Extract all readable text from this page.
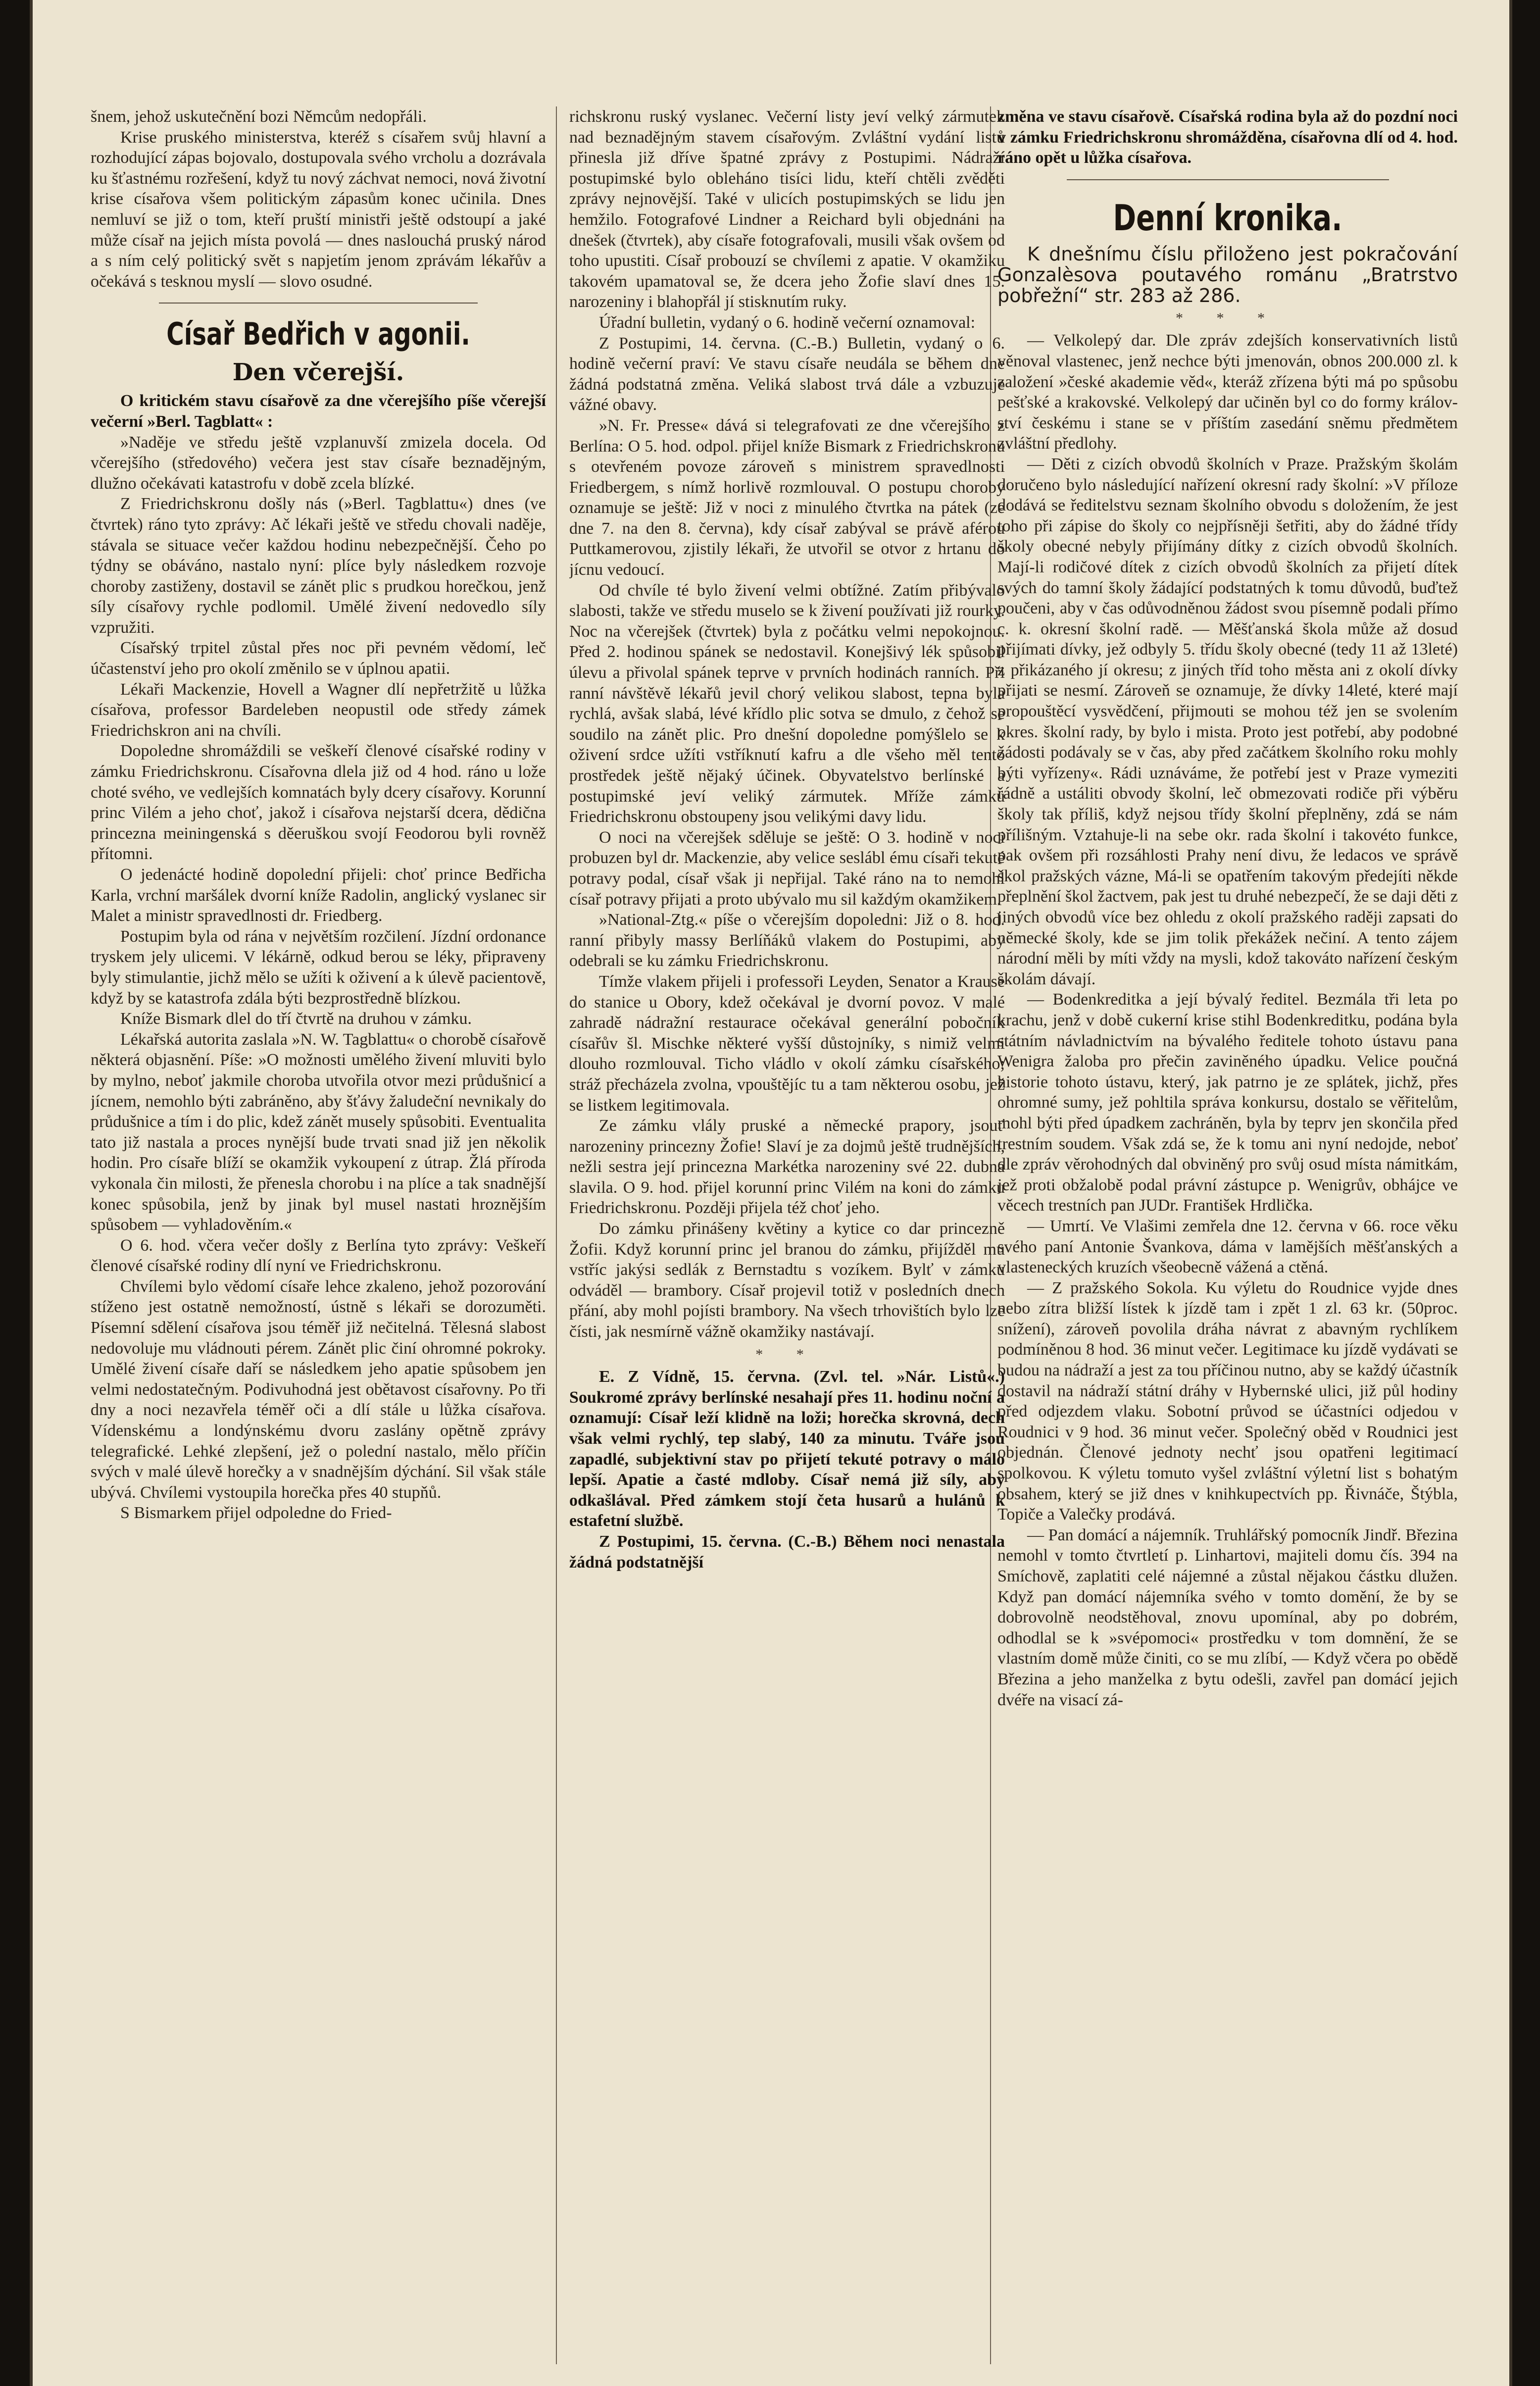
šnem, jehož uskutečnění bozi Němcům nedopřáli.

Krise pruského ministerstva, kteréž s císařem svůj hlavní a rozhodující zápas bojovalo, dostupovala svého vrcholu a dozrávala ku šťastnému rozřešení, když tu nový záchvat nemoci, nová životní krise císařova všem politickým zápasům konec učinila. Dnes nemluví se již o tom, kteří pruští ministři ještě odstoupí a jaké může císař na jejich místa povolá — dnes naslouchá pruský národ a s ním celý politický svět s napjetím jenom zprávám lékařův a očekává s tesknou myslí — slovo osudné.

Císař Bedřich v agonii.
Den včerejší.

O kritickém stavu císařově za dne včerejšího píše včerejší večerní »Berl. Tagblatt« :

»Naděje ve středu ještě vzplanuvší zmizela docela. Od včerejšího (středového) večera jest stav císaře beznadějným, dlužno očekávati katastrofu v době zcela blízké.

Z Friedrichskronu došly nás (»Berl. Tagblattu«) dnes (ve čtvrtek) ráno tyto zprávy: Ač lékaři ještě ve středu chovali naděje, stávala se situace večer každou hodinu nebezpečnější. Čeho po týdny se obáváno, nastalo nyní: plíce byly následkem rozvoje choroby zastiženy, dostavil se zánět plic s prudkou horečkou, jenž síly císařovy rychle podlomil. Umělé živení nedovedlo síly vzpružiti.

Císařský trpitel zůstal přes noc při pevném vědomí, leč účastenství jeho pro okolí změnilo se v úplnou apatii.

Lékaři Mackenzie, Hovell a Wagner dlí nepřetržitě u lůžka císařova, professor Bardeleben neopustil ode středy zámek Friedrichskron ani na chvíli.

Dopoledne shromáždili se veškeří členové císařské rodiny v zámku Friedrichskronu. Císařovna dlela již od 4 hod. ráno u lože choté svého, ve vedlejších komnatách byly dcery císařovy. Korunní princ Vilém a jeho choť, jakož i císařova nejstarší dcera, dědična princezna meiningenská s děeruškou svojí Feodorou byli rovněž přítomni.

O jedenácté hodině dopolední přijeli: choť prince Bedřicha Karla, vrchní maršálek dvorní kníže Radolin, anglický vyslanec sir Malet a ministr spravedlnosti dr. Friedberg.

Postupim byla od rána v největším rozčilení. Jízdní ordonance tryskem jely ulicemi. V lékárně, odkud berou se léky, připraveny byly stimulantie, jichž mělo se užíti k oživení a k úlevě pacientově, když by se katastrofa zdála býti bezprostředně blízkou.

Kníže Bismark dlel do tří čtvrtě na druhou v zámku.

Lékařská autorita zaslala »N. W. Tagblattu« o chorobě císařově některá objasnění. Píše: »O možnosti umělého živení mluviti bylo by mylno, neboť jakmile choroba utvořila otvor mezi průdušnicí a jícnem, nemohlo býti zabráněno, aby šťávy žaludeční nevnikaly do průdušnice a tím i do plic, kdež zánět musely spůsobiti. Eventualita tato již nastala a proces nynější bude trvati snad již jen několik hodin. Pro císaře blíží se okamžik vykoupení z útrap. Žlá příroda vykonala čin milosti, že přenesla chorobu i na plíce a tak snadnější konec spůsobila, jenž by jinak byl musel nastati hroznějším spůsobem — vyhladověním.«

O 6. hod. včera večer došly z Berlína tyto zprávy: Veškeří členové císařské rodiny dlí nyní ve Friedrichskronu.

Chvílemi bylo vědomí císaře lehce zkaleno, jehož pozorování stíženo jest ostatně nemožností, ústně s lékaři se dorozuměti. Písemní sdělení císařova jsou téměř již nečitelná. Tělesná slabost nedovoluje mu vládnouti pérem. Zánět plic činí ohromné pokroky. Umělé živení císaře daří se následkem jeho apatie spůsobem jen velmi nedostatečným. Podivuhodná jest obětavost císařovny. Po tři dny a noci nezavřela téměř oči a dlí stále u lůžka císařova. Vídenskému a londýnskému dvoru zaslány opětně zprávy telegrafické. Lehké zlepšení, jež o polední nastalo, mělo příčin svých v malé úlevě horečky a v snadnějším dýchání. Sil však stále ubývá. Chvílemi vystoupila horečka přes 40 stupňů.

S Bismarkem přijel odpoledne do Fried-

richskronu ruský vyslanec. Večerní listy jeví velký zármutek nad beznadějným stavem císařovým. Zvláštní vydání listů přinesla již dříve špatné zprávy z Postupimi. Nádraží postupimské bylo obleháno tisíci lidu, kteří chtěli zvěděti zprávy nejnovější. Také v ulicích postupimských se lidu jen hemžilo. Fotografové Lindner a Reichard byli objednáni na dnešek (čtvrtek), aby císaře fotografovali, musili však ovšem od toho upustiti. Císař probouzí se chvílemi z apatie. V okamžiku takovém upamatoval se, že dcera jeho Žofie slaví dnes 15. narozeniny i blahopřál jí stisknutím ruky.

Úřadní bulletin, vydaný o 6. hodině večerní oznamoval:

Z Postupimi, 14. června. (C.-B.) Bulletin, vydaný o 6. hodině večerní praví: Ve stavu císaře neudála se během dne žádná podstatná změna. Veliká slabost trvá dále a vzbuzuje vážné obavy.

»N. Fr. Presse« dává si telegrafovati ze dne včerejšího z Berlína: O 5. hod. odpol. přijel kníže Bismark z Friedrichskronu s otevřeném povoze zároveň s ministrem spravedlnosti Friedbergem, s nímž horlivě rozmlouval. O postupu choroby oznamuje se ještě: Již v noci z minulého čtvrtka na pátek (ze dne 7. na den 8. června), kdy císař zabýval se právě aférou Puttkamerovou, zjistily lékaři, že utvořil se otvor z hrtanu do jícnu vedoucí.

Od chvíle té bylo živení velmi obtížné. Zatím přibývalo slabosti, takže ve středu muselo se k živení používati již rourky. Noc na včerejšek (čtvrtek) byla z počátku velmi nepokojnou. Před 2. hodinou spánek se nedostavil. Konejšivý lék spůsobil úlevu a přivolal spánek teprve v prvních hodinách ranních. Při ranní návštěvě lékařů jevil chorý velikou slabost, tepna byla rychlá, avšak slabá, lévé křídlo plic sotva se dmulo, z čehož se soudilo na zánět plic. Pro dnešní dopoledne pomýšlelo se k oživení srdce užíti vstříknutí kafru a dle všeho měl tento prostředek ještě nějaký účinek. Obyvatelstvo berlínské a postupimské jeví veliký zármutek. Mříže zámku Friedrichskronu obstoupeny jsou velikými davy lidu.

O noci na včerejšek sděluje se ještě: O 3. hodině v noci probuzen byl dr. Mackenzie, aby velice seslábl ému císaři tekuté potravy podal, císař však ji nepřijal. Také ráno na to nemohl císař potravy přijati a proto ubývalo mu sil každým okamžikem.

»National-Ztg.« píše o včerejším dopoledni: Již o 8. hod. ranní přibyly massy Berlíňáků vlakem do Postupimi, aby odebrali se ku zámku Friedrichskronu.

Tímže vlakem přijeli i professoři Leyden, Senator a Krause do stanice u Obory, kdež očekával je dvorní povoz. V malé zahradě nádražní restaurace očekával generální pobočník císařův šl. Mischke některé vyšší důstojníky, s nimiž velmi dlouho rozmlouval. Ticho vládlo v okolí zámku císařského; stráž přecházela zvolna, vpouštějíc tu a tam některou osobu, jež se listkem legitimovala.

Ze zámku vlály pruské a německé prapory, jsouť narozeniny princezny Žofie! Slaví je za dojmů ještě trudnějších, nežli sestra její princezna Markétka narozeniny své 22. dubna slavila. O 9. hod. přijel korunní princ Vilém na koni do zámku Friedrichskronu. Později přijela též choť jeho.

Do zámku přinášeny květiny a kytice co dar princezně Žofii. Když korunní princ jel branou do zámku, přijížděl mu vstříc jakýsi sedlák z Bernstadtu s vozíkem. Bylť v zámku odváděl — brambory. Císař projevil totiž v posledních dnech přání, aby mohl pojísti brambory. Na všech trhovištích bylo lze čísti, jak nesmírně vážně okamžiky nastávají.

* *

E. Z Vídně, 15. června. (Zvl. tel. »Nár. Listů«.) Soukromé zprávy berlínské nesahají přes 11. hodinu noční a oznamují: Císař leží klidně na loži; horečka skrovná, dech však velmi rychlý, tep slabý, 140 za minutu. Tváře jsou zapadlé, subjektivní stav po přijetí tekuté potravy o málo lepší. Apatie a časté mdloby. Císař nemá již síly, aby odkašlával. Před zámkem stojí četa husarů a hulánů k estafetní službě.

Z Postupimi, 15. června. (C.-B.) Během noci nenastala žádná podstatnější

změna ve stavu císařově. Císařská rodina byla až do pozdní noci v zámku Friedrichskronu shromážděna, císařovna dlí od 4. hod. ráno opět u lůžka císařova.

Denní kronika.

K dnešnímu číslu přiloženo jest pokračování Gonzalèsova poutavého románu „Bratrstvo pobřežní“ str. 283 až 286.

* * *

— Velkolepý dar. Dle zpráv zdejších konservativních listů věnoval vlastenec, jenž nechce býti jmenován, obnos 200.000 zl. k založení »české akademie věd«, kteráž zřízena býti má po spůsobu pešťské a krakovské. Velkolepý dar učiněn byl co do formy království českému i stane se v příštím zasedání sněmu předmětem zvláštní předlohy.

— Děti z cizích obvodů školních v Praze. Pražským školám doručeno bylo následující nařízení okresní rady školní: »V příloze dodává se ředitelstvu seznam školního obvodu s doložením, že jest toho při zápise do školy co nejpřísněji šetřiti, aby do žádné třídy školy obecné nebyly přijímány dítky z cizích obvodů školních. Mají-li rodičové dítek z cizích obvodů školních za přijetí dítek svých do tamní školy žádající podstatných k tomu důvodů, buďtež poučeni, aby v čas odůvodněnou žádost svou písemně podali přímo c. k. okresní školní radě. — Měšťanská škola může až dosud přijímati dívky, jež odbyly 5. třídu školy obecné (tedy 11 až 13leté) z přikázaného jí okresu; z jiných tříd toho města ani z okolí dívky přijati se nesmí. Zároveň se oznamuje, že dívky 14leté, které mají propouštěcí vysvědčení, přijmouti se mohou též jen se svolením okres. školní rady, by bylo i mista. Proto jest potřebí, aby podobné žádosti podávaly se v čas, aby před začátkem školního roku mohly býti vyřízeny«. Rádi uznáváme, že potřebí jest v Praze vymeziti řádně a ustáliti obvody školní, leč obmezovati rodiče při výběru školy tak příliš, když nejsou třídy školní přeplněny, zdá se nám přílišným. Vztahuje-li na sebe okr. rada školní i takovéto funkce, pak ovšem při rozsáhlosti Prahy není divu, že ledacos ve správě škol pražských vázne, Má-li se opatřením takovým předejíti někde přeplnění škol žactvem, pak jest tu druhé nebezpečí, že se daji děti z jiných obvodů více bez ohledu z okolí pražského raději zapsati do německé školy, kde se jim tolik překážek nečiní. A tento zájem národní měli by míti vždy na mysli, kdož takováto nařízení českým školám dávají.

— Bodenkreditka a její bývalý ředitel. Bezmála tři leta po krachu, jenž v době cukerní krise stihl Bodenkreditku, podána byla státním návladnictvím na bývalého ředitele tohoto ústavu pana Wenigra žaloba pro přečin zaviněného úpadku. Velice poučná historie tohoto ústavu, který, jak patrno je ze splátek, jichž, přes ohromné sumy, jež pohltila správa konkursu, dostalo se věřitelům, mohl býti před úpadkem zachráněn, byla by teprv jen skončila před trestním soudem. Však zdá se, že k tomu ani nyní nedojde, neboť dle zpráv věrohodných dal obviněný pro svůj osud místa námitkám, jež proti obžalobě podal právní zástupce p. Wenigrův, obhájce ve věcech trestních pan JUDr. František Hrdlička.

— Umrtí. Ve Vlašimi zemřela dne 12. června v 66. roce věku svého paní Antonie Švankova, dáma v lamějších měšťanských a vlasteneckých kruzích všeobecně vážená a ctěná.

— Z pražského Sokola. Ku výletu do Roudnice vyjde dnes nebo zítra bližší lístek k jízdě tam i zpět 1 zl. 63 kr. (50proc. snížení), zároveň povolila dráha návrat z abavným rychlíkem podmíněnou 8 hod. 36 minut večer. Legitimace ku jízdě vydávati se budou na nádraží a jest za tou příčinou nutno, aby se každý účastník dostavil na nádraží státní dráhy v Hybernské ulici, již půl hodiny před odjezdem vlaku. Sobotní průvod se účastníci odjedou v Roudnici v 9 hod. 36 minut večer. Společný oběd v Roudnici jest objednán. Členové jednoty nechť jsou opatřeni legitimací spolkovou. K výletu tomuto vyšel zvláštní výletní list s bohatým obsahem, který se již dnes v knihkupectvích pp. Řivnáče, Štýbla, Topiče a Valečky prodává.

— Pan domácí a nájemník. Truhlářský pomocník Jindř. Březina nemohl v tomto čtvrtletí p. Linhartovi, majiteli domu čís. 394 na Smíchově, zaplatiti celé nájemné a zůstal nějakou částku dlužen. Když pan domácí nájemníka svého v tomto domění, že by se dobrovolně neodstěhoval, znovu upomínal, aby po dobrém, odhodlal se k »svépomoci« prostředku v tom domnění, že se vlastním domě může činiti, co se mu zlíbí, — Když včera po obědě Březina a jeho manželka z bytu odešli, zavřel pan domácí jejich dvéře na visací zá-
